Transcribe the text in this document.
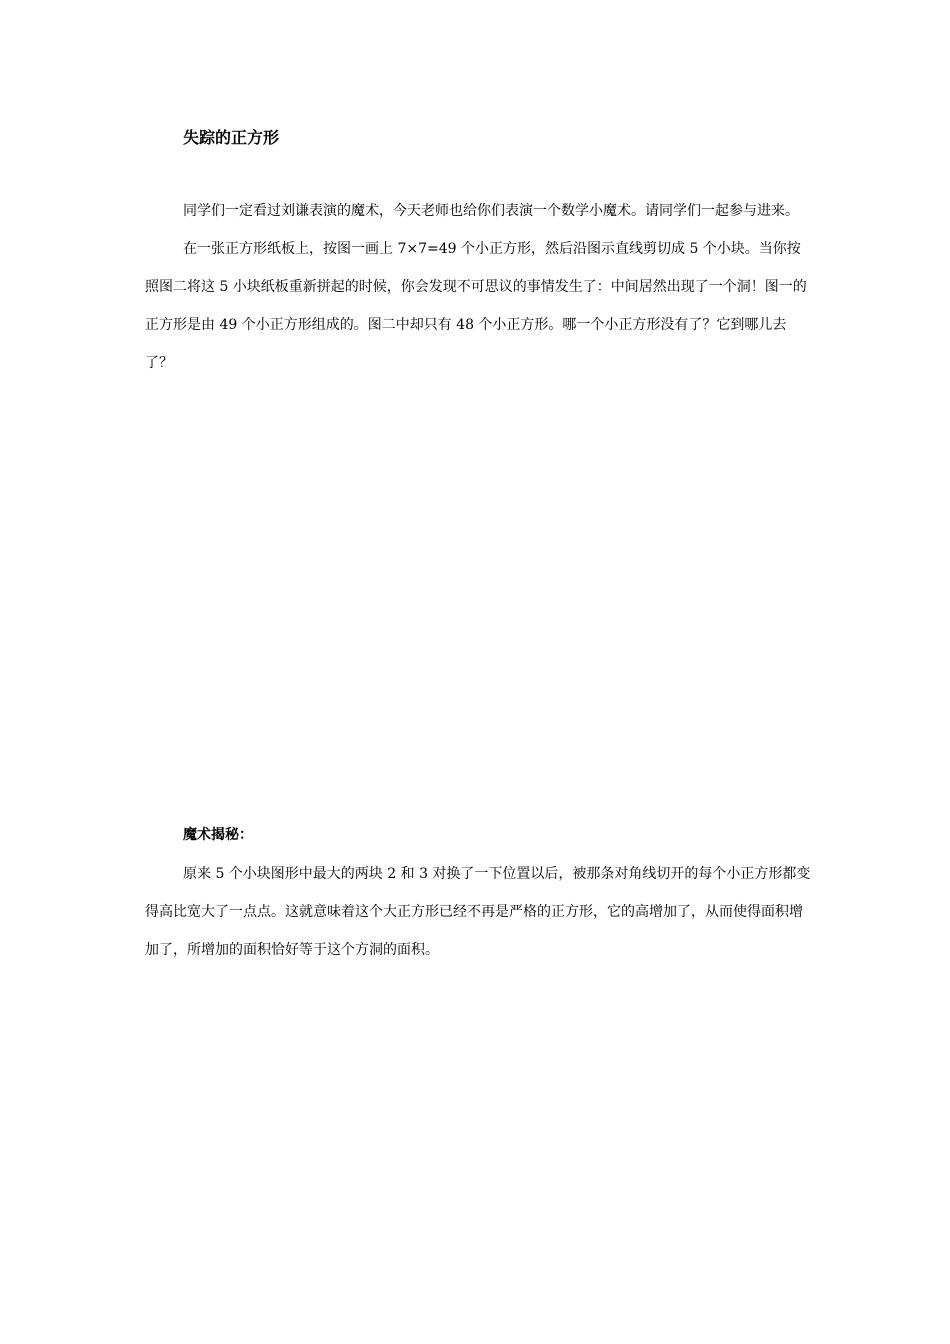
失踪的正方形

同学们一定看过刘谦表演的魔术，今天老师也给你们表演一个数学小魔术。请同学们一起参与进来。

在一张正方形纸板上，按图一画上 7×7=49 个小正方形，然后沿图示直线剪切成 5 个小块。当你按照图二将这 5 小块纸板重新拼起的时候，你会发现不可思议的事情发生了：中间居然出现了一个洞！图一的正方形是由 49 个小正方形组成的。图二中却只有 48 个小正方形。哪一个小正方形没有了？它到哪儿去了？

魔术揭秘：

原来 5 个小块图形中最大的两块 2 和 3 对换了一下位置以后，被那条对角线切开的每个小正方形都变得高比宽大了一点点。这就意味着这个大正方形已经不再是严格的正方形，它的高增加了，从而使得面积增加了，所增加的面积恰好等于这个方洞的面积。
